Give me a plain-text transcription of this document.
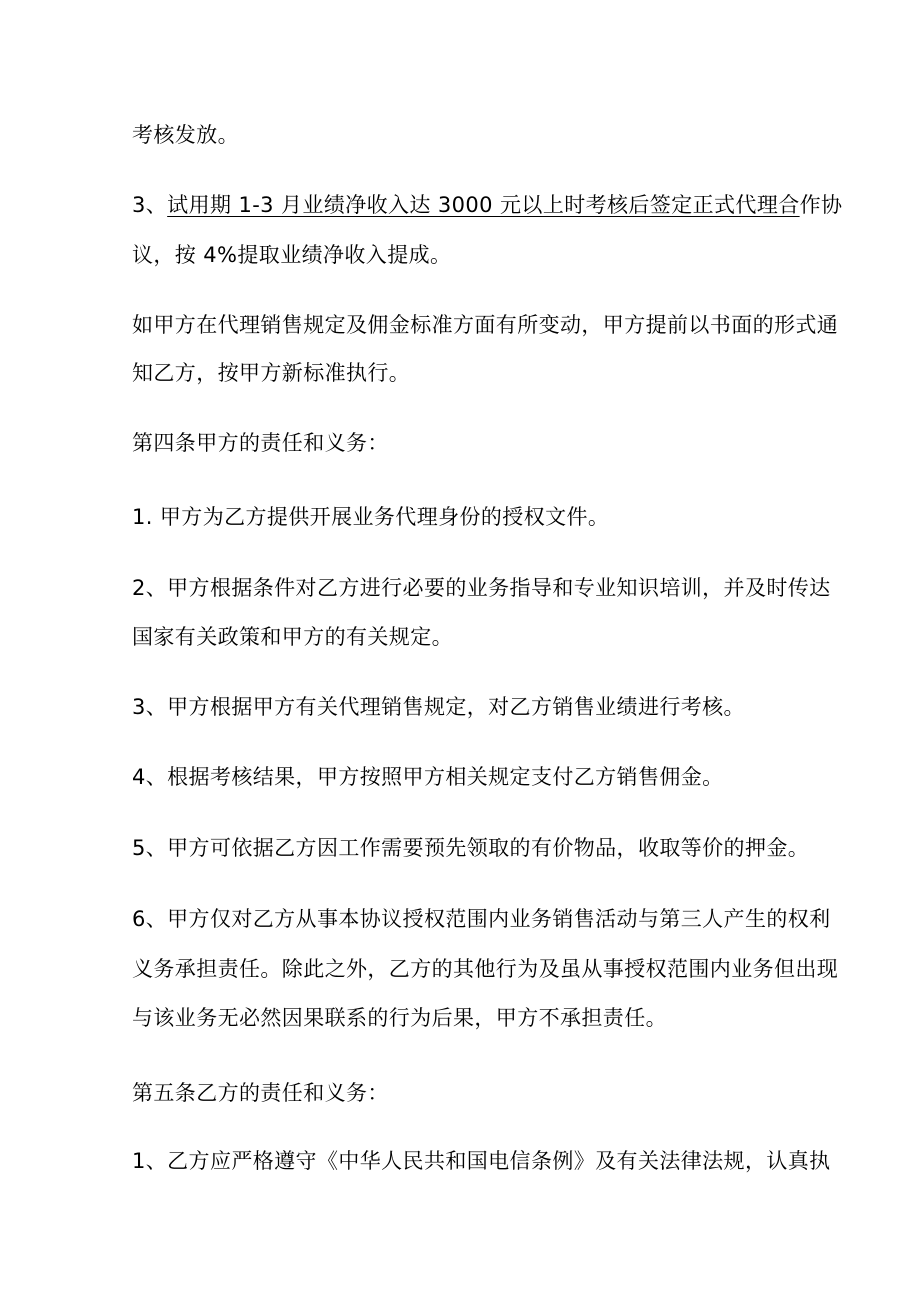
考核发放。
3、试用期 1-3 月业绩净收入达 3000 元以上时考核后签定正式代理合作协
议，按 4%提取业绩净收入提成。
如甲方在代理销售规定及佣金标准方面有所变动，甲方提前以书面的形式通
知乙方，按甲方新标准执行。
第四条甲方的责任和义务：
1. 甲方为乙方提供开展业务代理身份的授权文件。
2、甲方根据条件对乙方进行必要的业务指导和专业知识培训，并及时传达
国家有关政策和甲方的有关规定。
3、甲方根据甲方有关代理销售规定，对乙方销售业绩进行考核。
4、根据考核结果，甲方按照甲方相关规定支付乙方销售佣金。
5、甲方可依据乙方因工作需要预先领取的有价物品，收取等价的押金。
6、甲方仅对乙方从事本协议授权范围内业务销售活动与第三人产生的权利
义务承担责任。除此之外，乙方的其他行为及虽从事授权范围内业务但出现
与该业务无必然因果联系的行为后果，甲方不承担责任。
第五条乙方的责任和义务：
1、乙方应严格遵守《中华人民共和国电信条例》及有关法律法规，认真执
